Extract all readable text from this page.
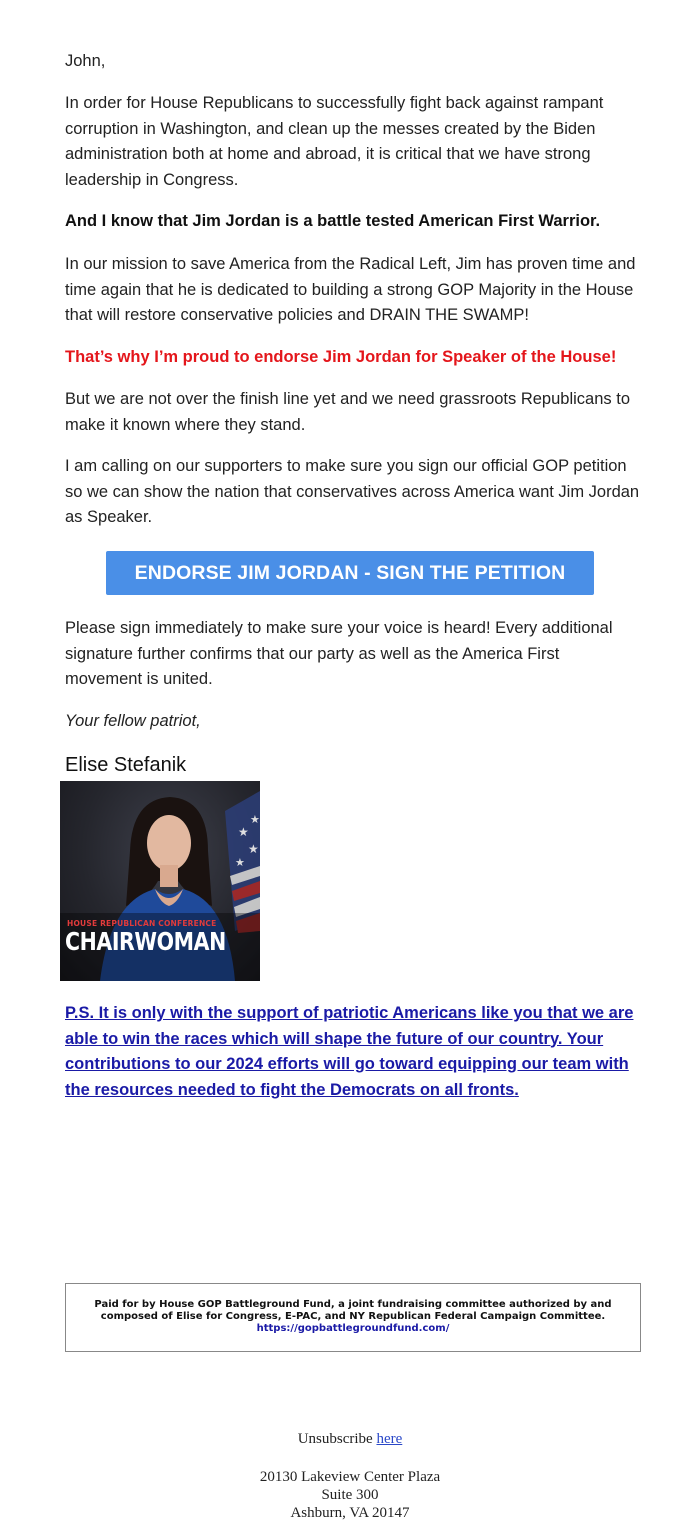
John,

In order for House Republicans to successfully fight back against rampant corruption in Washington, and clean up the messes created by the Biden administration both at home and abroad, it is critical that we have strong leadership in Congress.

And I know that Jim Jordan is a battle tested American First Warrior.

In our mission to save America from the Radical Left, Jim has proven time and time again that he is dedicated to building a strong GOP Majority in the House that will restore conservative policies and DRAIN THE SWAMP!

That’s why I’m proud to endorse Jim Jordan for Speaker of the House!

But we are not over the finish line yet and we need grassroots Republicans to make it known where they stand.

I am calling on our supporters to make sure you sign our official GOP petition so we can show the nation that conservatives across America want Jim Jordan as Speaker.

ENDORSE JIM JORDAN - SIGN THE PETITION

Please sign immediately to make sure your voice is heard! Every additional signature further confirms that our party as well as the America First movement is united.

Your fellow patriot,

Elise Stefanik
★
★
★
★
HOUSE REPUBLICAN CONFERENCE
CHAIRWOMAN

P.S. It is only with the support of patriotic Americans like you that we are able to win the races which will shape the future of our country. Your contributions to our 2024 efforts will go toward equipping our team with the resources needed to fight the Democrats on all fronts.

Paid for by House GOP Battleground Fund, a joint fundraising committee authorized by and composed of Elise for Congress, E-PAC, and NY Republican Federal Campaign Committee.
https://gopbattlegroundfund.com/
Unsubscribe here
20130 Lakeview Center Plaza
Suite 300
Ashburn, VA 20147
